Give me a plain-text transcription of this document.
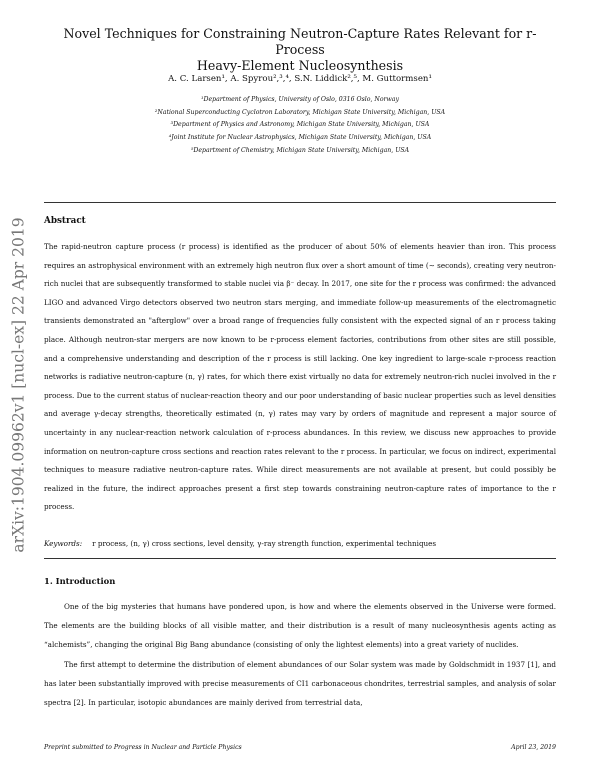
Novel Techniques for Constraining Neutron-Capture Rates Relevant for r-Process
Heavy-Element Nucleosynthesis
A. C. Larsen¹, A. Spyrou²,³,⁴, S.N. Liddick²,⁵, M. Guttormsen¹
¹Department of Physics, University of Oslo, 0316 Oslo, Norway
²National Superconducting Cyclotron Laboratory, Michigan State University, Michigan, USA
³Department of Physics and Astronomy, Michigan State University, Michigan, USA
⁴Joint Institute for Nuclear Astrophysics, Michigan State University, Michigan, USA
⁵Department of Chemistry, Michigan State University, Michigan, USA
arXiv:1904.09962v1 [nucl-ex] 22 Apr 2019 Abstract
The rapid-neutron capture process (r process) is identified as the producer of about 50% of elements heavier than iron. This process requires an astrophysical environment with an extremely high neutron flux over a short amount of time (∼ seconds), creating very neutron-rich nuclei that are subsequently transformed to stable nuclei via β⁻ decay. In 2017, one site for the r process was confirmed: the advanced LIGO and advanced Virgo detectors observed two neutron stars merging, and immediate follow-up measurements of the electromagnetic transients demonstrated an "afterglow" over a broad range of frequencies fully consistent with the expected signal of an r process taking place. Although neutron-star mergers are now known to be r-process element factories, contributions from other sites are still possible, and a comprehensive understanding and description of the r process is still lacking. One key ingredient to large-scale r-process reaction networks is radiative neutron-capture (n, γ) rates, for which there exist virtually no data for extremely neutron-rich nuclei involved in the r process. Due to the current status of nuclear-reaction theory and our poor understanding of basic nuclear properties such as level densities and average γ-decay strengths, theoretically estimated (n, γ) rates may vary by orders of magnitude and represent a major source of uncertainty in any nuclear-reaction network calculation of r-process abundances. In this review, we discuss new approaches to provide information on neutron-capture cross sections and reaction rates relevant to the r process. In particular, we focus on indirect, experimental techniques to measure radiative neutron-capture rates. While direct measurements are not available at present, but could possibly be realized in the future, the indirect approaches present a first step towards constraining neutron-capture rates of importance to the r process.
Keywords: r process, (n, γ) cross sections, level density, γ-ray strength function, experimental techniques
1. Introduction

One of the big mysteries that humans have pondered upon, is how and where the elements observed in the Universe were formed. The elements are the building blocks of all visible matter, and their distribution is a result of many nucleosynthesis agents acting as “alchemists”, changing the original Big Bang abundance (consisting of only the lightest elements) into a great variety of nuclides.

The first attempt to determine the distribution of element abundances of our Solar system was made by Goldschmidt in 1937 [1], and has later been substantially improved with precise measurements of CI1 carbonaceous chondrites, terrestrial samples, and analysis of solar spectra [2]. In particular, isotopic abundances are mainly derived from terrestrial data,

Preprint submitted to Progress in Nuclear and Particle Physics	April 23, 2019
